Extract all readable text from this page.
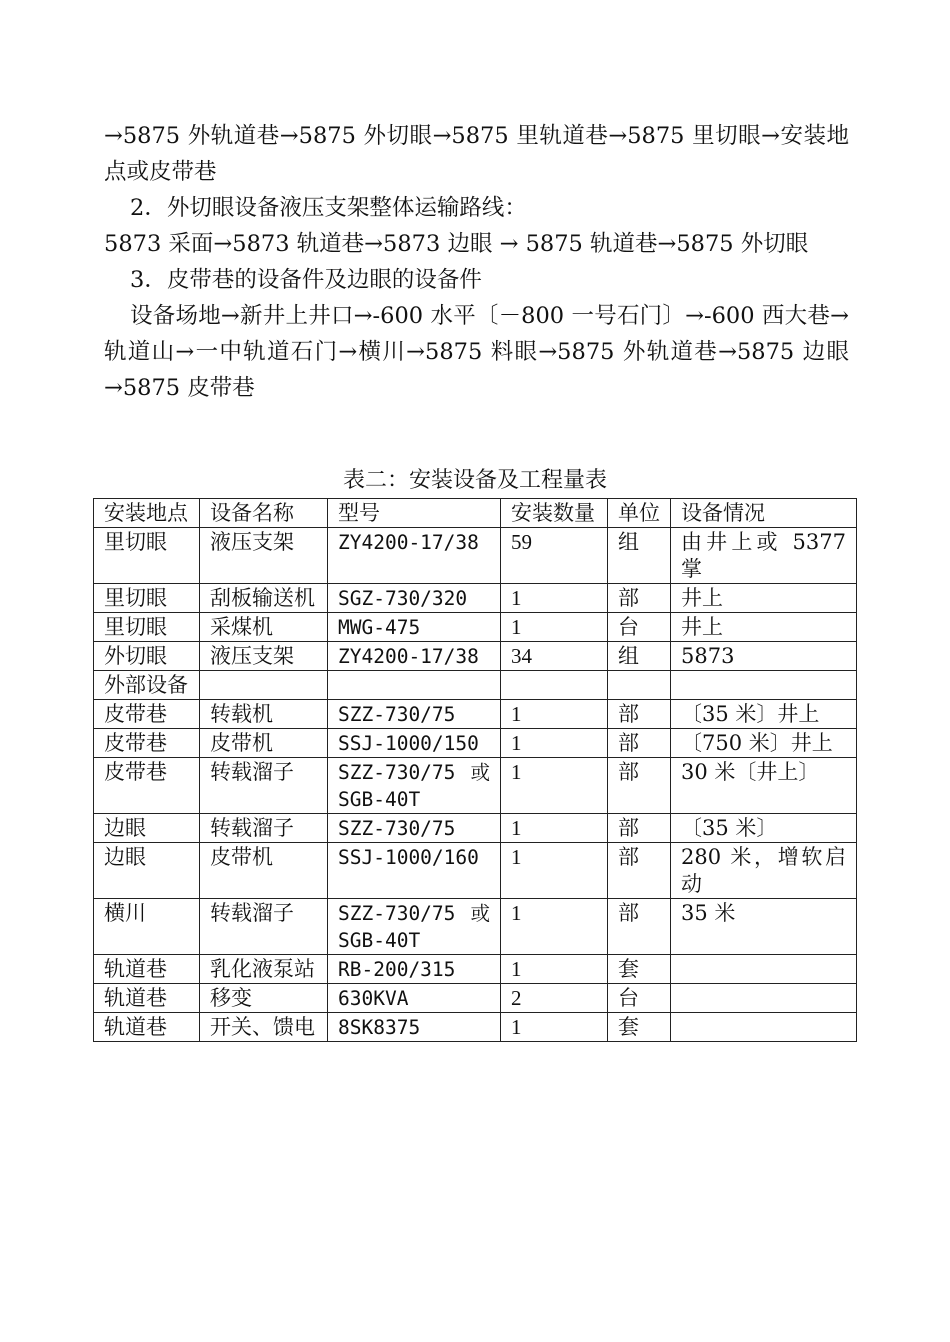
→5875 外轨道巷→5875 外切眼→5875 里轨道巷→5875 里切眼→安装地点或皮带巷

2．外切眼设备液压支架整体运输路线：

5873 采面→5873 轨道巷→5873 边眼 → 5875 轨道巷→5875 外切眼

3．皮带巷的设备件及边眼的设备件

设备场地→新井上井口→-600 水平〔－800 一号石门〕→-600 西大巷→轨道山→一中轨道石门→横川→5875 料眼→5875 外轨道巷→5875 边眼→5875 皮带巷

表二：安装设备及工程量表
安装地点	设备名称	型号	安装数量	单位	设备情况
里切眼	液压支架	ZY4200-17/38	59	组	由井上或 5377 掌
里切眼	刮板输送机	SGZ-730/320	1	部	井上
里切眼	采煤机	MWG-475	1	台	井上
外切眼	液压支架	ZY4200-17/38	34	组	5873
外部设备					
皮带巷	转载机	SZZ-730/75	1	部	〔35 米〕井上
皮带巷	皮带机	SSJ-1000/150	1	部	〔750 米〕井上
皮带巷	转载溜子	SZZ-730/75 或 SGB-40T	1	部	30 米〔井上〕
边眼	转载溜子	SZZ-730/75	1	部	〔35 米〕
边眼	皮带机	SSJ-1000/160	1	部	280 米，增软启动
横川	转载溜子	SZZ-730/75 或 SGB-40T	1	部	35 米
轨道巷	乳化液泵站	RB-200/315	1	套	
轨道巷	移变	630KVA	2	台	
轨道巷	开关、馈电	8SK8375	1	套	
